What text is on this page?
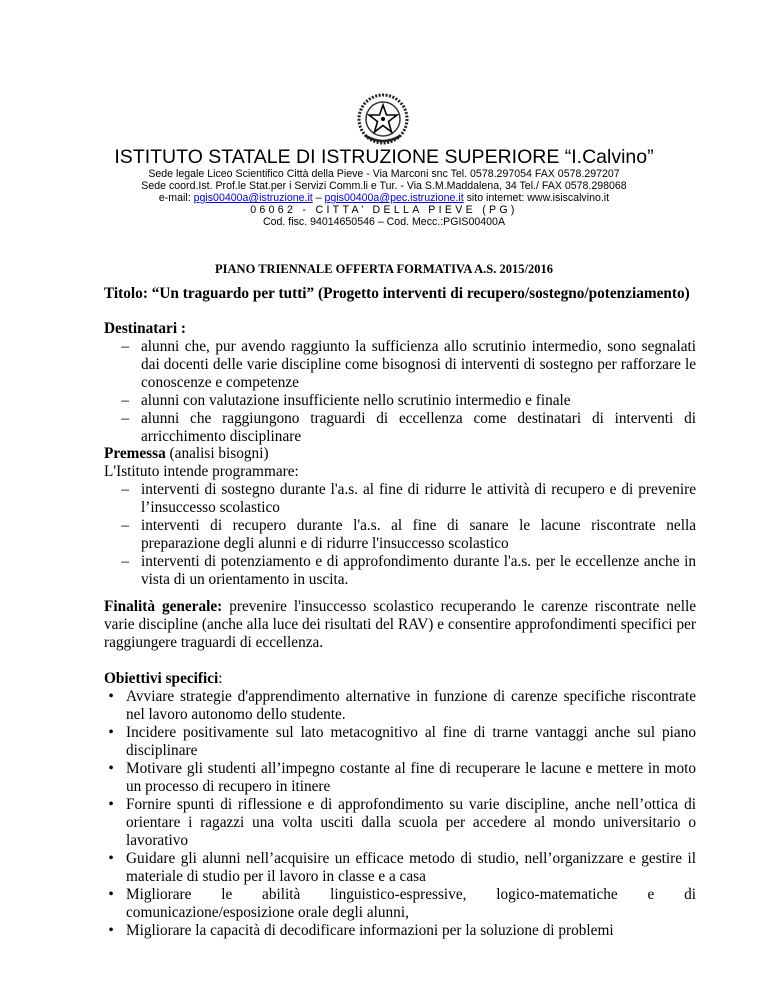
ISTITUTO STATALE DI ISTRUZIONE SUPERIORE “I.Calvino”
Sede legale Liceo Scientifico Città della Pieve - Via Marconi snc Tel. 0578.297054 FAX 0578.297207
Sede coord.Ist. Prof.le Stat.per i Servizi Comm.li e Tur. - Via S.M.Maddalena, 34 Tel./ FAX 0578.298068
e-mail: pgis00400a@istruzione.it – pgis00400a@pec.istruzione.it sito internet: www.isiscalvino.it
06062 - CITTA’ DELLA PIEVE (PG)
Cod. fisc. 94014650546 – Cod. Mecc.:PGIS00400A
PIANO TRIENNALE OFFERTA FORMATIVA A.S. 2015/2016
Titolo: “Un traguardo per tutti” (Progetto interventi di recupero/sostegno/potenziamento)
Destinatari :
– alunni che, pur avendo raggiunto la sufficienza allo scrutinio intermedio, sono segnalati dai docenti delle varie discipline come bisognosi di interventi di sostegno per rafforzare le conoscenze e competenze
– alunni con valutazione insufficiente nello scrutinio intermedio e finale
– alunni che raggiungono traguardi di eccellenza come destinatari di interventi di arricchimento disciplinare
Premessa (analisi bisogni)
L'Istituto intende programmare:
– interventi di sostegno durante l'a.s. al fine di ridurre le attività di recupero e di prevenire l’insuccesso scolastico
– interventi di recupero durante l'a.s. al fine di sanare le lacune riscontrate nella preparazione degli alunni e di ridurre l'insuccesso scolastico
– interventi di potenziamento e di approfondimento durante l'a.s. per le eccellenze anche in vista di un orientamento in uscita.
Finalità generale: prevenire l'insuccesso scolastico recuperando le carenze riscontrate nelle varie discipline (anche alla luce dei risultati del RAV) e consentire approfondimenti specifici per raggiungere traguardi di eccellenza.
Obiettivi specifici:
• Avviare strategie d'apprendimento alternative in funzione di carenze specifiche riscontrate nel lavoro autonomo dello studente.
• Incidere positivamente sul lato metacognitivo al fine di trarne vantaggi anche sul piano disciplinare
• Motivare gli studenti all’impegno costante al fine di recuperare le lacune e mettere in moto un processo di recupero in itinere
• Fornire spunti di riflessione e di approfondimento su varie discipline, anche nell’ottica di orientare i ragazzi una volta usciti dalla scuola per accedere al mondo universitario o lavorativo
• Guidare gli alunni nell’acquisire un efficace metodo di studio, nell’organizzare e gestire il materiale di studio per il lavoro in classe e a casa
• Migliorare le abilità linguistico-espressive, logico-matematiche e di comunicazione/esposizione orale degli alunni,
• Migliorare la capacità di decodificare informazioni per la soluzione di problemi
